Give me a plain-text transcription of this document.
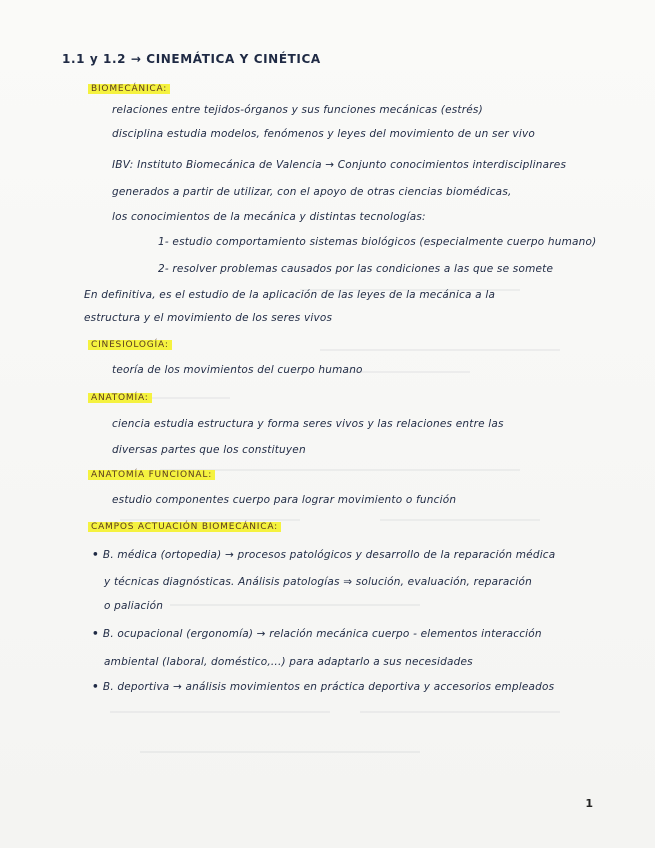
1.1 y 1.2 → CINEMÁTICA Y CINÉTICA
BIOMECÁNICA:
relaciones entre tejidos-órganos y sus funciones mecánicas (estrés)
disciplina estudia modelos, fenómenos y leyes del movimiento de un ser vivo
IBV: Instituto Biomecánica de Valencia → Conjunto conocimientos interdisciplinares
generados a partir de utilizar, con el apoyo de otras ciencias biomédicas,
los conocimientos de la mecánica y distintas tecnologías:
1- estudio comportamiento sistemas biológicos (especialmente cuerpo humano)
2- resolver problemas causados por las condiciones a las que se somete
En definitiva, es el estudio de la aplicación de las leyes de la mecánica a la
estructura y el movimiento de los seres vivos
CINESIOLOGÍA:
teoría de los movimientos del cuerpo humano
ANATOMÍA:
ciencia estudia estructura y forma seres vivos y las relaciones entre las
diversas partes que los constituyen
ANATOMÍA FUNCIONAL:
estudio componentes cuerpo para lograr movimiento o función
CAMPOS ACTUACIÓN BIOMECÁNICA:
• B. médica (ortopedia) → procesos patológicos y desarrollo de la reparación médica
y técnicas diagnósticas. Análisis patologías ⇒ solución, evaluación, reparación
o paliación
• B. ocupacional (ergonomía) → relación mecánica cuerpo - elementos interacción
ambiental (laboral, doméstico,...) para adaptarlo a sus necesidades
• B. deportiva → análisis movimientos en práctica deportiva y accesorios empleados
1
